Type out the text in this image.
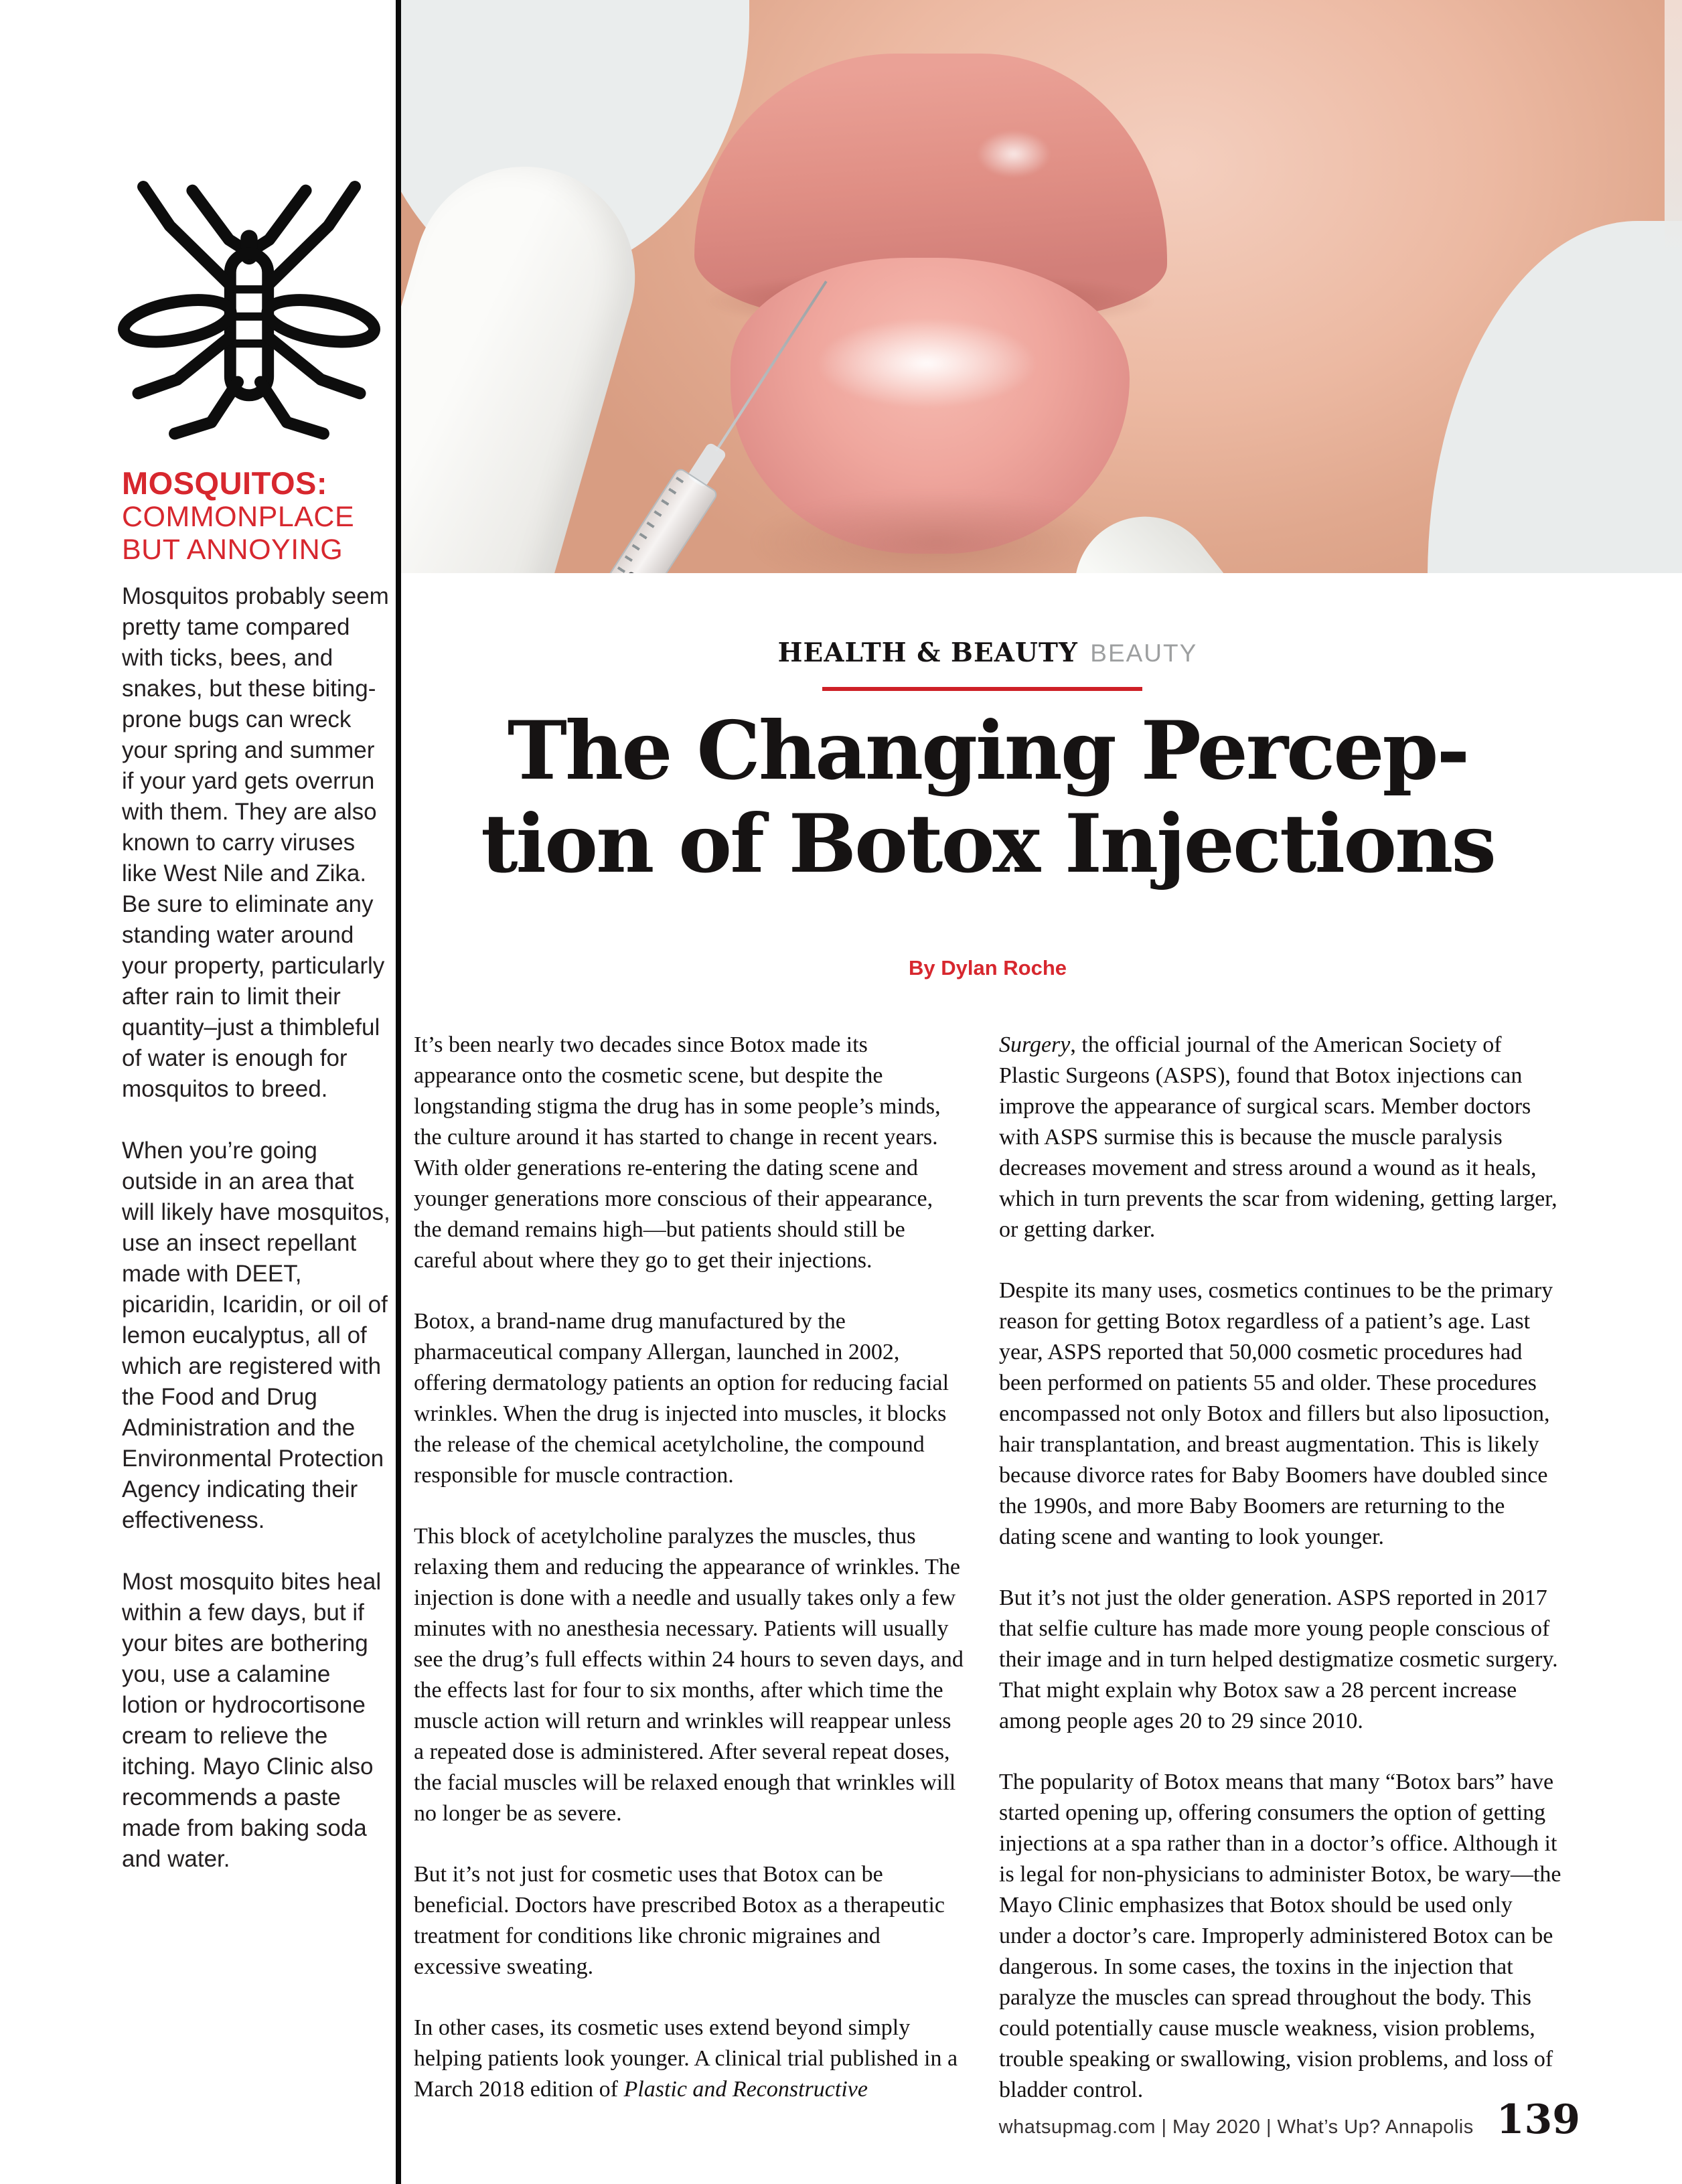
MOSQUITOS:
COMMONPLACE
BUT ANNOYING

Mosquitos probably seem pretty tame compared with ticks, bees, and snakes, but these biting-prone bugs can wreck your spring and summer if your yard gets overrun with them. They are also known to carry viruses like West Nile and Zika. Be sure to eliminate any standing water around your property, particularly after rain to limit their quantity–just a thimbleful of water is enough for mosquitos to breed.

When you’re going outside in an area that will likely have mosquitos, use an insect repellant made with DEET, picaridin, Icaridin, or oil of lemon eucalyptus, all of which are registered with the Food and Drug Administration and the Environmental Protection Agency indicating their effectiveness.

Most mosquito bites heal within a few days, but if your bites are bothering you, use a calamine lotion or hydrocortisone cream to relieve the itching. Mayo Clinic also recommends a paste made from baking soda and water.

HEALTH & BEAUTY BEAUTY
The Changing Percep-
tion of Botox Injections
By Dylan Roche

It’s been nearly two decades since Botox made its appearance onto the cosmetic scene, but despite the longstanding stigma the drug has in some people’s minds, the culture around it has started to change in recent years. With older generations re-entering the dating scene and younger generations more conscious of their appearance, the demand remains high—but patients should still be careful about where they go to get their injections.

Botox, a brand-name drug manufactured by the pharmaceutical company Allergan, launched in 2002, offering dermatology patients an option for reducing facial wrinkles. When the drug is injected into muscles, it blocks the release of the chemical acetylcholine, the compound responsible for muscle contraction.

This block of acetylcholine paralyzes the muscles, thus relaxing them and reducing the appearance of wrinkles. The injection is done with a needle and usually takes only a few minutes with no anesthesia necessary. Patients will usually see the drug’s full effects within 24 hours to seven days, and the effects last for four to six months, after which time the muscle action will return and wrinkles will reappear unless a repeated dose is administered. After several repeat doses, the facial muscles will be relaxed enough that wrinkles will no longer be as severe.

But it’s not just for cosmetic uses that Botox can be beneficial. Doctors have prescribed Botox as a therapeutic treatment for conditions like chronic migraines and excessive sweating.

In other cases, its cosmetic uses extend beyond simply helping patients look younger. A clinical trial published in a March 2018 edition of Plastic and Reconstructive

Surgery, the official journal of the American Society of Plastic Surgeons (ASPS), found that Botox injections can improve the appearance of surgical scars. Member doctors with ASPS surmise this is because the muscle paralysis decreases movement and stress around a wound as it heals, which in turn prevents the scar from widening, getting larger, or getting darker.

Despite its many uses, cosmetics continues to be the primary reason for getting Botox regardless of a patient’s age. Last year, ASPS reported that 50,000 cosmetic procedures had been performed on patients 55 and older. These procedures encompassed not only Botox and fillers but also liposuction, hair transplantation, and breast augmentation. This is likely because divorce rates for Baby Boomers have doubled since the 1990s, and more Baby Boomers are returning to the dating scene and wanting to look younger.

But it’s not just the older generation. ASPS reported in 2017 that selfie culture has made more young people conscious of their image and in turn helped destigmatize cosmetic surgery. That might explain why Botox saw a 28 percent increase among people ages 20 to 29 since 2010.

The popularity of Botox means that many “Botox bars” have started opening up, offering consumers the option of getting injections at a spa rather than in a doctor’s office. Although it is legal for non-physicians to administer Botox, be wary—the Mayo Clinic emphasizes that Botox should be used only under a doctor’s care. Improperly administered Botox can be dangerous. In some cases, the toxins in the injection that paralyze the muscles can spread throughout the body. This could potentially cause muscle weakness, vision problems, trouble speaking or swallowing, vision problems, and loss of bladder control.

whatsupmag.com | May 2020 | What’s Up? Annapolis 139
